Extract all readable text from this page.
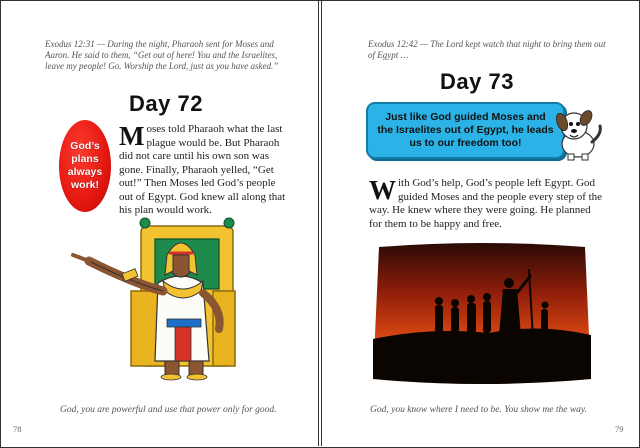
Exodus 12:31 — During the night, Pharaoh sent for Moses and Aaron. He said to them, “Get out of here! You and the Israelites, leave my people! Go. Worship the Lord, just as you have asked.”

Day 72
God’s
plans
always
work!
Moses told Pharaoh what the last plague would be. But Pharaoh did not care until his own son was gone. Finally, Pharaoh yelled, “Get out!” Then Moses led God’s people out of Egypt. God knew all along that his plan would work.

God, you are powerful and use that power only for good.

78

Exodus 12:42 — The Lord kept watch that night to bring them out of Egypt …

Day 73
Just like God guided Moses and the Israelites out of Egypt, he leads us to our freedom too!
With God’s help, God’s people left Egypt. God guided Moses and the people every step of the way. He knew where they were going. He planned for them to be happy and free.

God, you know where I need to be. You show me the way.

79
